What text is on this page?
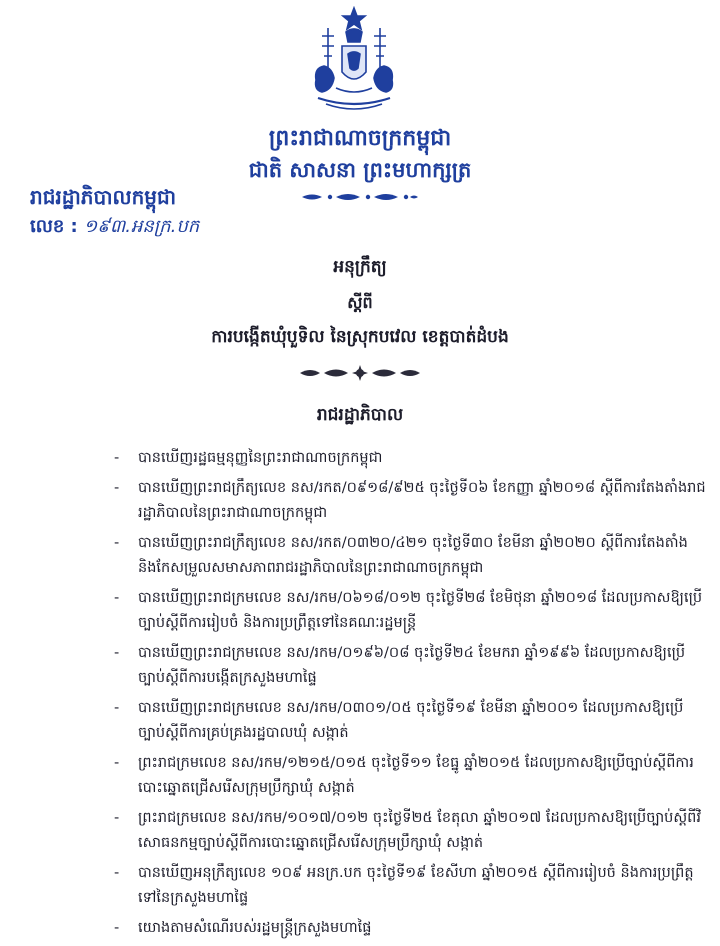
ព្រះរាជាណាចក្រកម្ពុជា
ជាតិ សាសនា ព្រះមហាក្សត្រ
រាជរដ្ឋាភិបាលកម្ពុជា
លេខ : ១៩៣.អនក្រ.បក
អនុក្រឹត្យ
ស្តីពី
ការបង្កើតឃុំបួទិល នៃស្រុកបវេល ខេត្តបាត់ដំបង
រាជរដ្ឋាភិបាល
- បានឃើញរដ្ឋធម្មនុញ្ញនៃព្រះរាជាណាចក្រកម្ពុជា
- បានឃើញព្រះរាជក្រឹត្យលេខ នស/រកត/០៩១៨/៩២៥ ចុះថ្ងៃទី០៦ ខែកញ្ញា ឆ្នាំ២០១៨ ស្តីពីការតែងតាំងរាជរដ្ឋាភិបាលនៃព្រះរាជាណាចក្រកម្ពុជា
- បានឃើញព្រះរាជក្រឹត្យលេខ នស/រកត/០៣២០/៤២១ ចុះថ្ងៃទី៣០ ខែមីនា ឆ្នាំ២០២០ ស្តីពីការតែងតាំង និងកែសម្រួលសមាសភាពរាជរដ្ឋាភិបាលនៃព្រះរាជាណាចក្រកម្ពុជា
- បានឃើញព្រះរាជក្រមលេខ នស/រកម/០៦១៨/០១២ ចុះថ្ងៃទី២៨ ខែមិថុនា ឆ្នាំ២០១៨ ដែលប្រកាសឱ្យប្រើច្បាប់ស្តីពីការរៀបចំ និងការប្រព្រឹត្តទៅនៃគណៈរដ្ឋមន្ត្រី
- បានឃើញព្រះរាជក្រមលេខ នស/រកម/០១៩៦/០៨ ចុះថ្ងៃទី២៤ ខែមករា ឆ្នាំ១៩៩៦ ដែលប្រកាសឱ្យប្រើច្បាប់ស្តីពីការបង្កើតក្រសួងមហាផ្ទៃ
- បានឃើញព្រះរាជក្រមលេខ នស/រកម/០៣០១/០៥ ចុះថ្ងៃទី១៩ ខែមីនា ឆ្នាំ២០០១ ដែលប្រកាសឱ្យប្រើច្បាប់ស្តីពីការគ្រប់គ្រងរដ្ឋបាលឃុំ សង្កាត់
- ព្រះរាជក្រមលេខ នស/រកម/១២១៥/០១៥ ចុះថ្ងៃទី១១ ខែធ្នូ ឆ្នាំ២០១៥ ដែលប្រកាសឱ្យប្រើច្បាប់ស្តីពីការបោះឆ្នោតជ្រើសរើសក្រុមប្រឹក្សាឃុំ សង្កាត់
- ព្រះរាជក្រមលេខ នស/រកម/១០១៧/០១២ ចុះថ្ងៃទី២៥ ខែតុលា ឆ្នាំ២០១៧ ដែលប្រកាសឱ្យប្រើច្បាប់ស្តីពីវិសោធនកម្មច្បាប់ស្តីពីការបោះឆ្នោតជ្រើសរើសក្រុមប្រឹក្សាឃុំ សង្កាត់
- បានឃើញអនុក្រឹត្យលេខ ១០៩ អនក្រ.បក ចុះថ្ងៃទី១៩ ខែសីហា ឆ្នាំ២០១៥ ស្តីពីការរៀបចំ និងការប្រព្រឹត្តទៅនៃក្រសួងមហាផ្ទៃ
- យោងតាមសំណើរបស់រដ្ឋមន្ត្រីក្រសួងមហាផ្ទៃ
